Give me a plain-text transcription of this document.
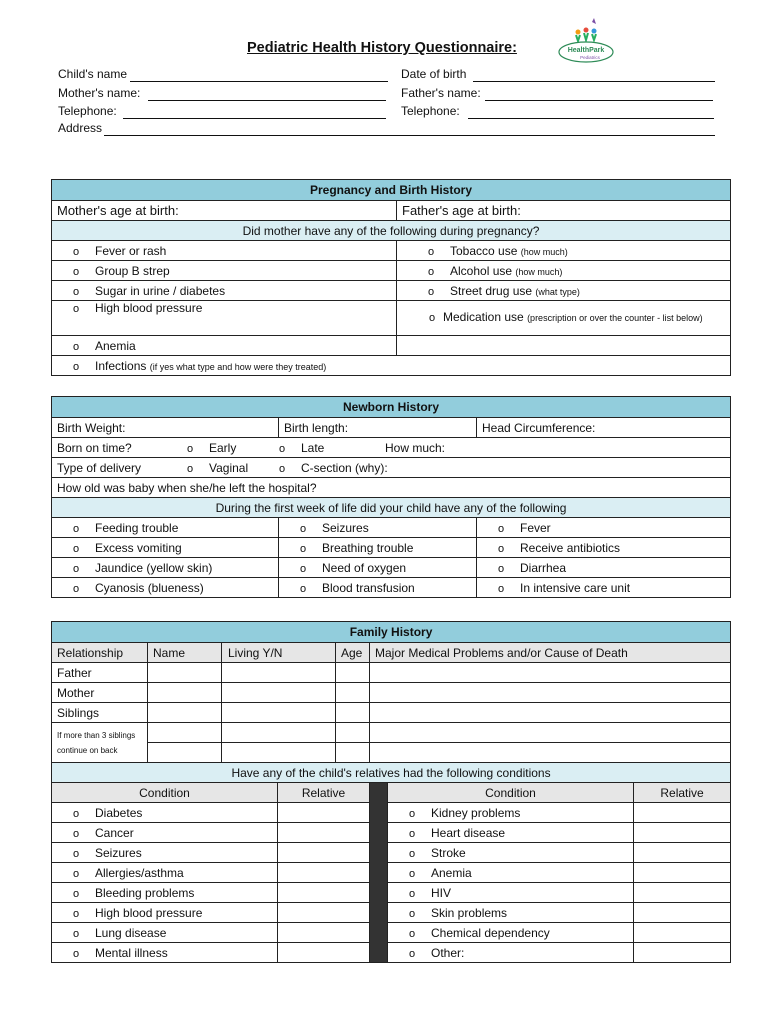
Pediatric Health History Questionnaire:	HealthPark
Pediatrics
Child's name	Date of birth
Mother's name:	Father's name:
Telephone:	Telephone:
Address
Pregnancy and Birth History	
Mother's age at birth:	Father's age at birth:
Did mother have any of the following during pregnancy?	
o Fever or rash	o Tobacco use (how much)
o Group B strep	o Alcohol use (how much)
o Sugar in urine / diabetes	o Street drug use (what type)
o High blood pressure	o Medication use (prescription or over the counter - list below)

o Anemia	
o Infections (if yes what type and how were they treated)	
Newborn History		
Birth Weight:	Birth length:	Head Circumference:
Born on time? o Early o Late How much:		
Type of delivery o Vaginal o C-section (why):		
How old was baby when she/he left the hospital?		
During the first week of life did your child have any of the following		
o Feeding trouble	o Seizures	o Fever
o Excess vomiting	o Breathing trouble	o Receive antibiotics
o Jaundice (yellow skin)	o Need of oxygen	o Diarrhea
o Cyanosis (blueness)	o Blood transfusion	o In intensive care unit
Family History							
Relationship	Name	Living Y/N		Age	Major Medical Problems and/or Cause of Death		
Father							
Mother							
Siblings							
If more than 3 siblings continue on back							

Have any of the child's relatives had the following conditions							
Condition			Relative			Condition	Relative
o Diabetes						o Kidney problems	
o Cancer						o Heart disease	
o Seizures						o Stroke	
o Allergies/asthma						o Anemia	
o Bleeding problems						o HIV	
o High blood pressure						o Skin problems	
o Lung disease						o Chemical dependency	
o Mental illness						o Other:	
